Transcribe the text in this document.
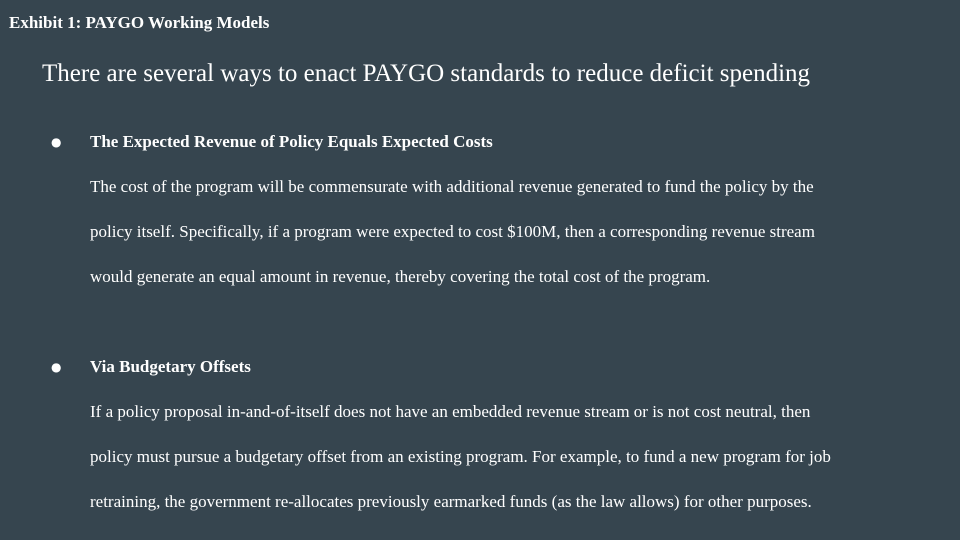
Exhibit 1: PAYGO Working Models
There are several ways to enact PAYGO standards to reduce deficit spending
● The Expected Revenue of Policy Equals Expected Costs
The cost of the program will be commensurate with additional revenue generated to fund the policy by the
policy itself. Specifically, if a program were expected to cost $100M, then a corresponding revenue stream
would generate an equal amount in revenue, thereby covering the total cost of the program.
● Via Budgetary Offsets
If a policy proposal in-and-of-itself does not have an embedded revenue stream or is not cost neutral, then
policy must pursue a budgetary offset from an existing program. For example, to fund a new program for job
retraining, the government re-allocates previously earmarked funds (as the law allows) for other purposes.
